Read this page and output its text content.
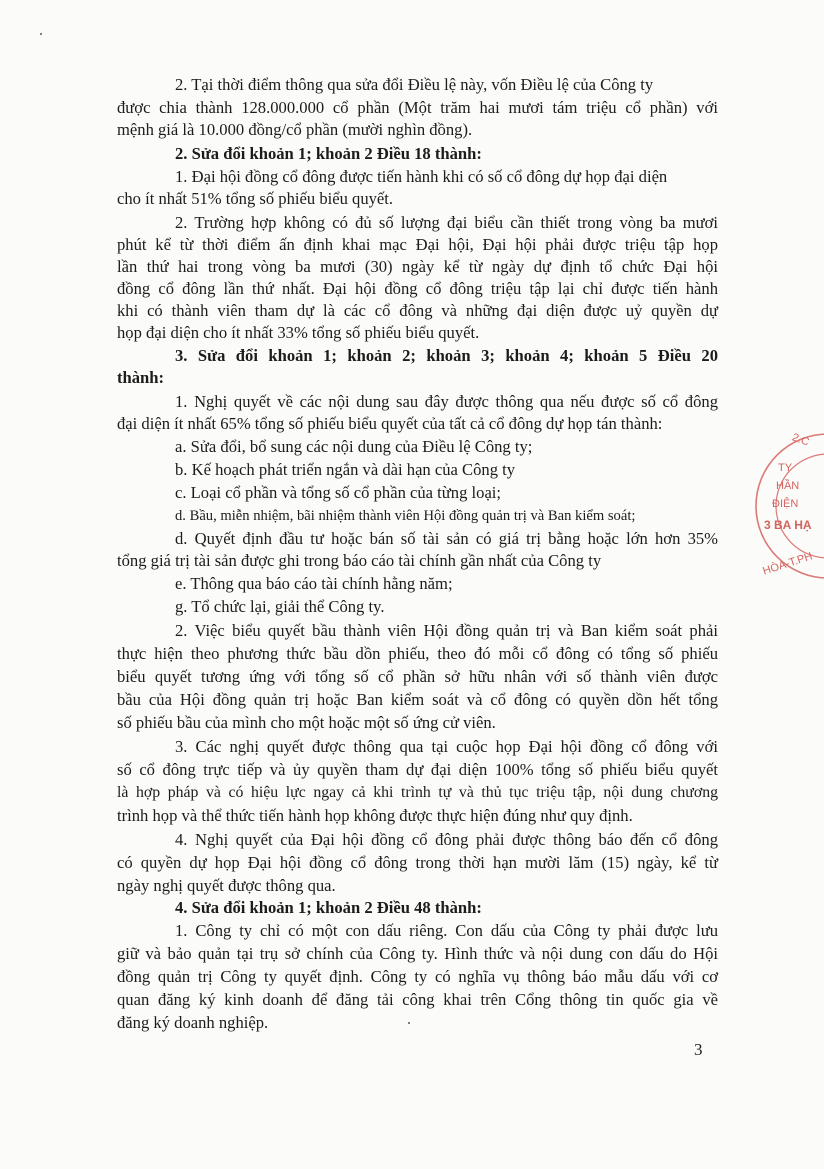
2. Tại thời điểm thông qua sửa đổi Điều lệ này, vốn Điều lệ của Công ty
được chia thành 128.000.000 cổ phần (Một trăm hai mươi tám triệu cổ phần) với
mệnh giá là 10.000 đồng/cổ phần (mười nghìn đồng).
2. Sửa đổi khoản 1; khoản 2 Điều 18 thành:
1. Đại hội đồng cổ đông được tiến hành khi có số cổ đông dự họp đại diện
cho ít nhất 51% tổng số phiếu biểu quyết.
2. Trường hợp không có đủ số lượng đại biểu cần thiết trong vòng ba mươi
phút kể từ thời điểm ấn định khai mạc Đại hội, Đại hội phải được triệu tập họp
lần thứ hai trong vòng ba mươi (30) ngày kể từ ngày dự định tổ chức Đại hội
đồng cổ đông lần thứ nhất. Đại hội đồng cổ đông triệu tập lại chỉ được tiến hành
khi có thành viên tham dự là các cổ đông và những đại diện được uỷ quyền dự
họp đại diện cho ít nhất 33% tổng số phiếu biểu quyết.
3. Sửa đổi khoản 1; khoản 2; khoản 3; khoản 4; khoản 5 Điều 20
thành:
1. Nghị quyết về các nội dung sau đây được thông qua nếu được số cổ đông
đại diện ít nhất 65% tổng số phiếu biểu quyết của tất cả cổ đông dự họp tán thành:
a. Sửa đổi, bổ sung các nội dung của Điều lệ Công ty;
b. Kế hoạch phát triển ngắn và dài hạn của Công ty
c. Loại cổ phần và tổng số cổ phần của từng loại;
d. Bầu, miễn nhiệm, bãi nhiệm thành viên Hội đồng quản trị và Ban kiểm soát;
d. Quyết định đầu tư hoặc bán số tài sản có giá trị bằng hoặc lớn hơn 35%
tổng giá trị tài sản được ghi trong báo cáo tài chính gần nhất của Công ty
e. Thông qua báo cáo tài chính hằng năm;
g. Tổ chức lại, giải thể Công ty.
2. Việc biểu quyết bầu thành viên Hội đồng quản trị và Ban kiểm soát phải
thực hiện theo phương thức bầu dồn phiếu, theo đó mỗi cổ đông có tổng số phiếu
biểu quyết tương ứng với tổng số cổ phần sở hữu nhân với số thành viên được
bầu của Hội đồng quản trị hoặc Ban kiểm soát và cổ đông có quyền dồn hết tổng
số phiếu bầu của mình cho một hoặc một số ứng cử viên.
3. Các nghị quyết được thông qua tại cuộc họp Đại hội đồng cổ đông với
số cổ đông trực tiếp và ủy quyền tham dự đại diện 100% tổng số phiếu biểu quyết
là hợp pháp và có hiệu lực ngay cả khi trình tự và thủ tục triệu tập, nội dung chương
trình họp và thể thức tiến hành họp không được thực hiện đúng như quy định.
4. Nghị quyết của Đại hội đồng cổ đông phải được thông báo đến cổ đông
có quyền dự họp Đại hội đồng cổ đông trong thời hạn mười lăm (15) ngày, kể từ
ngày nghị quyết được thông qua.
4. Sửa đổi khoản 1; khoản 2 Điều 48 thành:
1. Công ty chỉ có một con dấu riêng. Con dấu của Công ty phải được lưu
giữ và bảo quản tại trụ sở chính của Công ty. Hình thức và nội dung con dấu do Hội
đồng quản trị Công ty quyết định. Công ty có nghĩa vụ thông báo mẫu dấu với cơ
quan đăng ký kinh doanh để đăng tải công khai trên Cổng thông tin quốc gia về
đăng ký doanh nghiệp.
3
2.C
TY
HẦN
ĐIỆN
3 BA HẠ
HÒA-T.PH
